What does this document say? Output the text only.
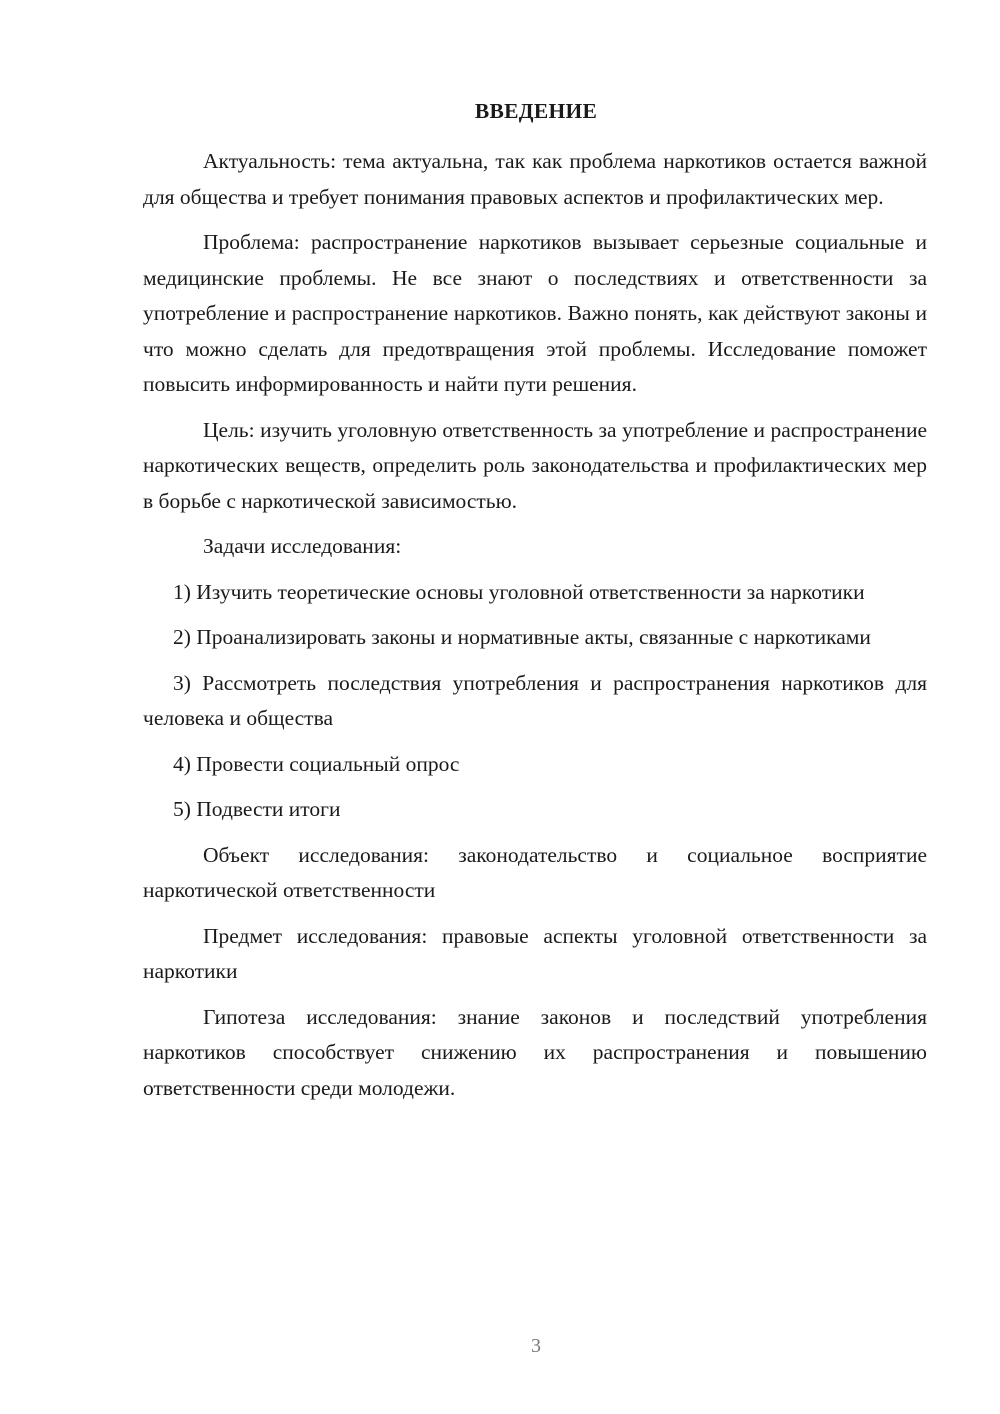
ВВЕДЕНИЕ

Актуальность: тема актуальна, так как проблема наркотиков остается важной для общества и требует понимания правовых аспектов и профилактических мер.

Проблема: распространение наркотиков вызывает серьезные социальные и медицинские проблемы. Не все знают о последствиях и ответственности за употребление и распространение наркотиков. Важно понять, как действуют законы и что можно сделать для предотвращения этой проблемы. Исследование поможет повысить информированность и найти пути решения.

Цель: изучить уголовную ответственность за употребление и распространение наркотических веществ, определить роль законодательства и профилактических мер в борьбе с наркотической зависимостью.

Задачи исследования:

1) Изучить теоретические основы уголовной ответственности за наркотики

2) Проанализировать законы и нормативные акты, связанные с наркотиками

3) Рассмотреть последствия употребления и распространения наркотиков для человека и общества

4) Провести социальный опрос

5) Подвести итоги

Объект исследования: законодательство и социальное восприятие наркотической ответственности

Предмет исследования: правовые аспекты уголовной ответственности за наркотики

Гипотеза исследования: знание законов и последствий употребления наркотиков способствует снижению их распространения и повышению ответственности среди молодежи.

3
